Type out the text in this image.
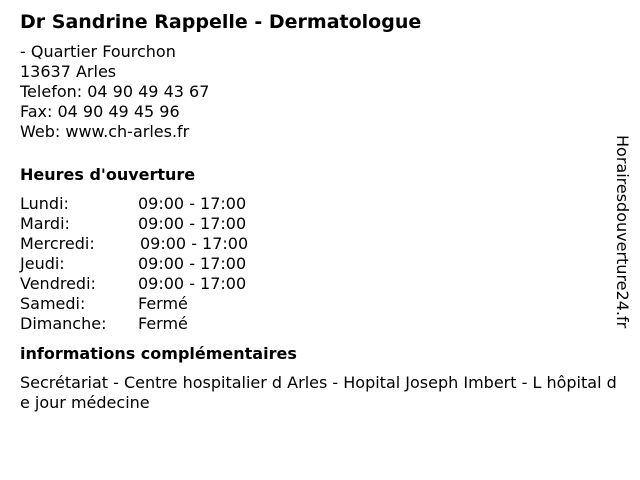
Dr Sandrine Rappelle - Dermatologue
- Quartier Fourchon
13637 Arles
Telefon: 04 90 49 43 67
Fax: 04 90 49 45 96
Web: www.ch-arles.fr
Heures d'ouverture
Lundi:	09:00 - 17:00
Mardi:	09:00 - 17:00
Mercredi:	09:00 - 17:00
Jeudi:	09:00 - 17:00
Vendredi:	09:00 - 17:00
Samedi:	Fermé
Dimanche: Fermé
informations complémentaires
Secrétariat - Centre hospitalier d Arles - Hopital Joseph Imbert - L hôpital de jour médecine
Horairesdouverture24.fr
